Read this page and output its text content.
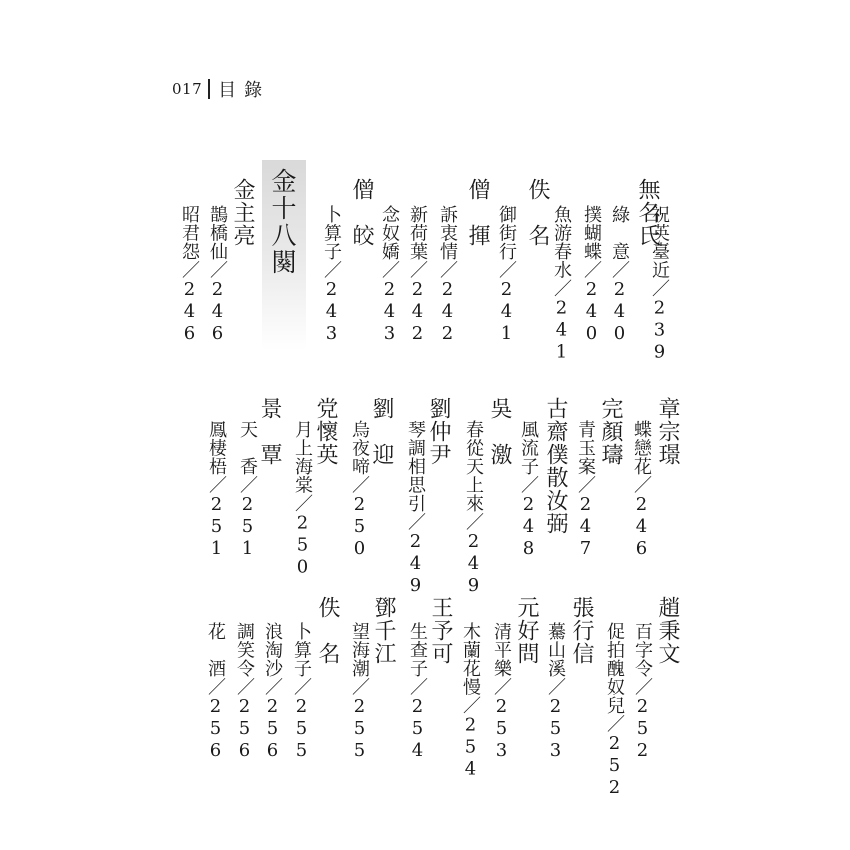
017 目錄
金十八闋	祝英臺近／239
無名氏
綠　意／240
撲蝴蝶／240
魚游春水／241
佚　名
御街行／241
僧　揮
訴衷情／242
新荷葉／242
念奴嬌／243
僧　皎
卜算子／243
金主亮
鵲橋仙／246
昭君怨／246
章宗璟
蝶戀花／246
完顏璹
青玉案／247
古齋僕散汝弼
風流子／248
吳　激
春從天上來／249
劉仲尹
琴調相思引／249
劉　迎
烏夜啼／250
党懷英
月上海棠／250
景　覃
天　香／251
鳳棲梧／251
趙秉文
百字令／252
促拍醜奴兒／252
張行信
驀山溪／253
元好問
清平樂／253
木蘭花慢／254
王予可
生查子／254
鄧千江
望海潮／255
佚　名
卜算子／255
浪淘沙／256
調笑令／256
花　酒／256
